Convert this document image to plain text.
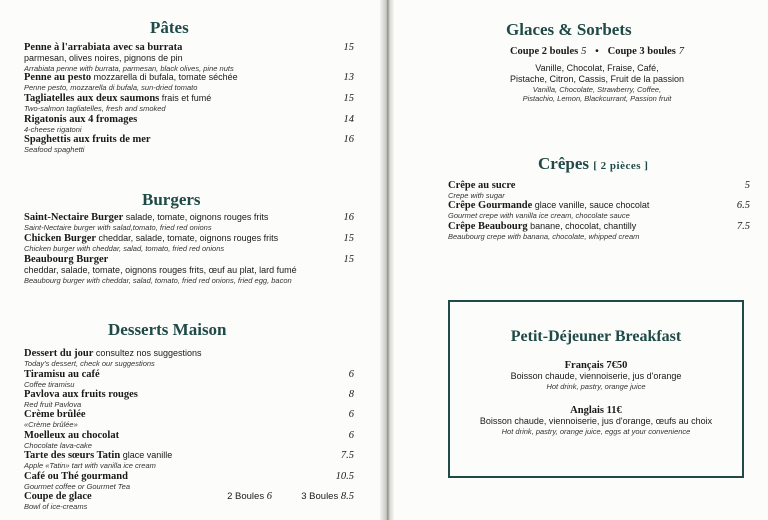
Pâtes
Penne à l'arrabiata avec sa burrata
parmesan, olives noires, pignons de pin
Arrabiata penne with burrata, parmesan, black olives, pine nuts
15
Penne au pesto mozzarella di bufala, tomate séchée
Penne pesto, mozzarella di bufala, sun-dried tomato
13
Tagliatelles aux deux saumons frais et fumé
Two-salmon tagliatelles, fresh and smoked
15
Rigatonis aux 4 fromages
4-cheese rigatoni
14
Spaghettis aux fruits de mer
Seafood spaghetti
16
Burgers
Saint-Nectaire Burger salade, tomate, oignons rouges frits
Saint-Nectaire burger with salad,tomato, fried red onions
16
Chicken Burger cheddar, salade, tomate, oignons rouges frits
Chicken burger with cheddar, salad, tomato, fried red onions
15
Beaubourg Burger
cheddar, salade, tomate, oignons rouges frits, œuf au plat, lard fumé
Beaubourg burger with cheddar, salad, tomato, fried red onions, fried egg, bacon
15
Desserts Maison
Dessert du jour consultez nos suggestions
Today's dessert, check our suggestions
Tiramisu au café
Coffee tiramisu
6
Pavlova aux fruits rouges
Red fruit Pavlova
8
Crème brûlée
«Crème brûlée»
6
Moelleux au chocolat
Chocolate lava-cake
6
Tarte des sœurs Tatin glace vanille
Apple «Tatin» tart with vanilla ice cream
7.5
Café ou Thé gourmand
Gourmet coffee or Gourmet Tea
10.5
Coupe de glace
Bowl of ice-creams
2 Boules 6	3 Boules 8.5
Glaces & Sorbets
Coupe 2 boules 5 • Coupe 3 boules 7
Vanille, Chocolat, Fraise, Café,
Pistache, Citron, Cassis, Fruit de la passion
Vanilla, Chocolate, Strawberry, Coffee,
Pistachio, Lemon, Blackcurrant, Passion fruit
Crêpes [ 2 pièces ]
Crêpe au sucre
Crepe with sugar
5
Crêpe Gourmande glace vanille, sauce chocolat
Gourmet crepe with vanilla ice cream, chocolate sauce
6.5
Crêpe Beaubourg banane, chocolat, chantilly
Beaubourg crepe with banana, chocolate, whipped cream
7.5
Petit-Déjeuner Breakfast
Français 7€50
Boisson chaude, viennoiserie, jus d'orange
Hot drink, pastry, orange juice
Anglais 11€
Boisson chaude, viennoiserie, jus d'orange, œufs au choix
Hot drink, pastry, orange juice, eggs at your convenience
